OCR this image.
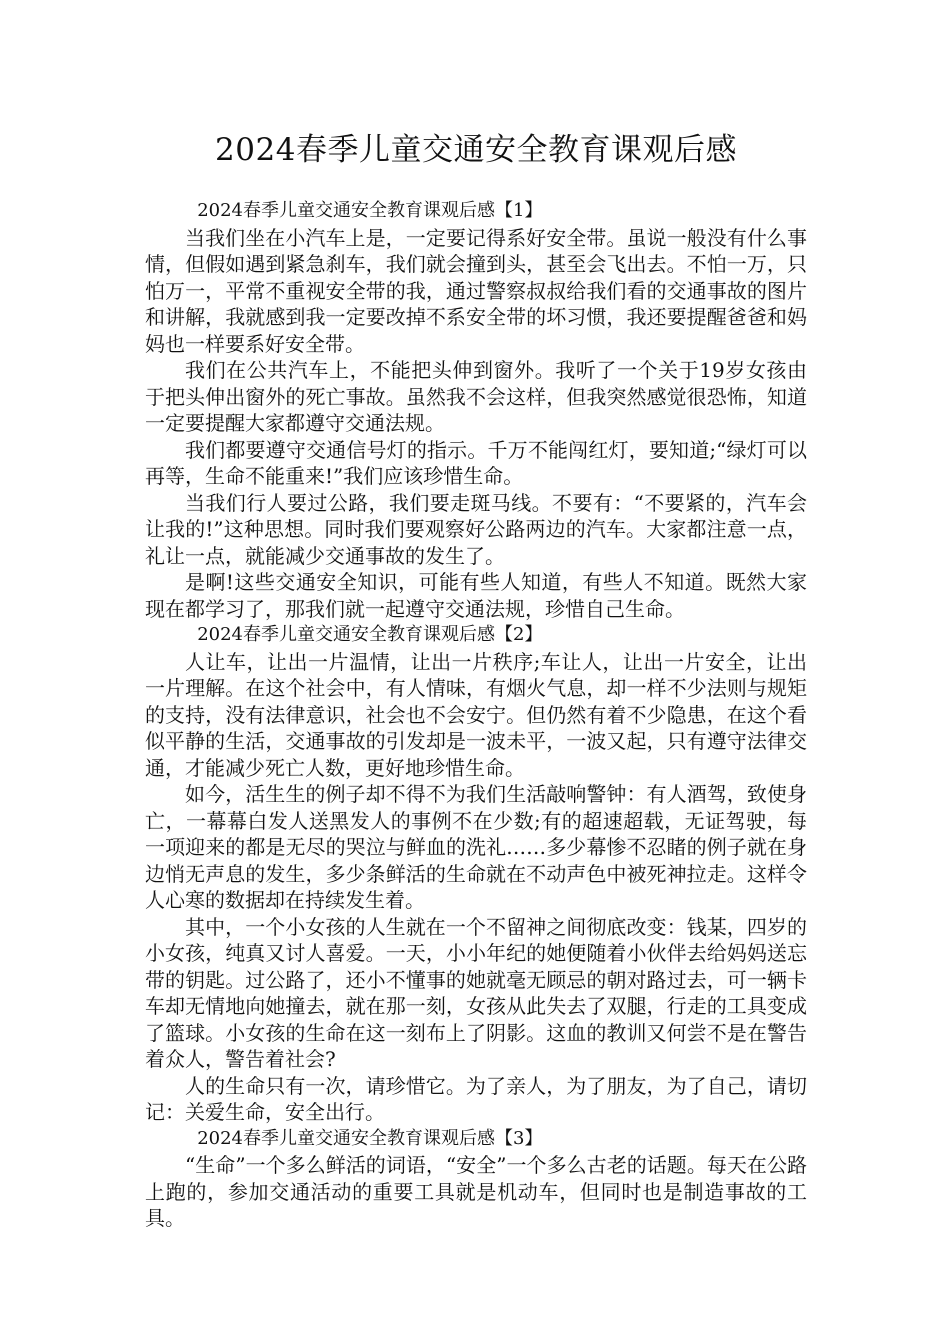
2024春季儿童交通安全教育课观后感

2024春季儿童交通安全教育课观后感【1】

当我们坐在小汽车上是，一定要记得系好安全带。虽说一般没有什么事情，但假如遇到紧急刹车，我们就会撞到头，甚至会飞出去。不怕一万，只怕万一，平常不重视安全带的我，通过警察叔叔给我们看的交通事故的图片和讲解，我就感到我一定要改掉不系安全带的坏习惯，我还要提醒爸爸和妈妈也一样要系好安全带。

我们在公共汽车上，不能把头伸到窗外。我听了一个关于19岁女孩由于把头伸出窗外的死亡事故。虽然我不会这样，但我突然感觉很恐怖，知道一定要提醒大家都遵守交通法规。

我们都要遵守交通信号灯的指示。千万不能闯红灯，要知道;“绿灯可以再等，生命不能重来!”我们应该珍惜生命。

当我们行人要过公路，我们要走斑马线。不要有：“不要紧的，汽车会让我的!”这种思想。同时我们要观察好公路两边的汽车。大家都注意一点，礼让一点，就能减少交通事故的发生了。

是啊!这些交通安全知识，可能有些人知道，有些人不知道。既然大家现在都学习了，那我们就一起遵守交通法规，珍惜自己生命。

2024春季儿童交通安全教育课观后感【2】

人让车，让出一片温情，让出一片秩序;车让人，让出一片安全，让出一片理解。在这个社会中，有人情味，有烟火气息，却一样不少法则与规矩的支持，没有法律意识，社会也不会安宁。但仍然有着不少隐患，在这个看似平静的生活，交通事故的引发却是一波未平，一波又起，只有遵守法律交通，才能减少死亡人数，更好地珍惜生命。

如今，活生生的例子却不得不为我们生活敲响警钟：有人酒驾，致使身亡，一幕幕白发人送黑发人的事例不在少数;有的超速超载，无证驾驶，每一项迎来的都是无尽的哭泣与鲜血的洗礼……多少幕惨不忍睹的例子就在身边悄无声息的发生，多少条鲜活的生命就在不动声色中被死神拉走。这样令人心寒的数据却在持续发生着。

其中，一个小女孩的人生就在一个不留神之间彻底改变：钱某，四岁的小女孩，纯真又讨人喜爱。一天，小小年纪的她便随着小伙伴去给妈妈送忘带的钥匙。过公路了，还小不懂事的她就毫无顾忌的朝对路过去，可一辆卡车却无情地向她撞去，就在那一刻，女孩从此失去了双腿，行走的工具变成了篮球。小女孩的生命在这一刻布上了阴影。这血的教训又何尝不是在警告着众人，警告着社会?

人的生命只有一次，请珍惜它。为了亲人，为了朋友，为了自己，请切记：关爱生命，安全出行。

2024春季儿童交通安全教育课观后感【3】

“生命”一个多么鲜活的词语，“安全”一个多么古老的话题。每天在公路上跑的，参加交通活动的重要工具就是机动车，但同时也是制造事故的工具。
